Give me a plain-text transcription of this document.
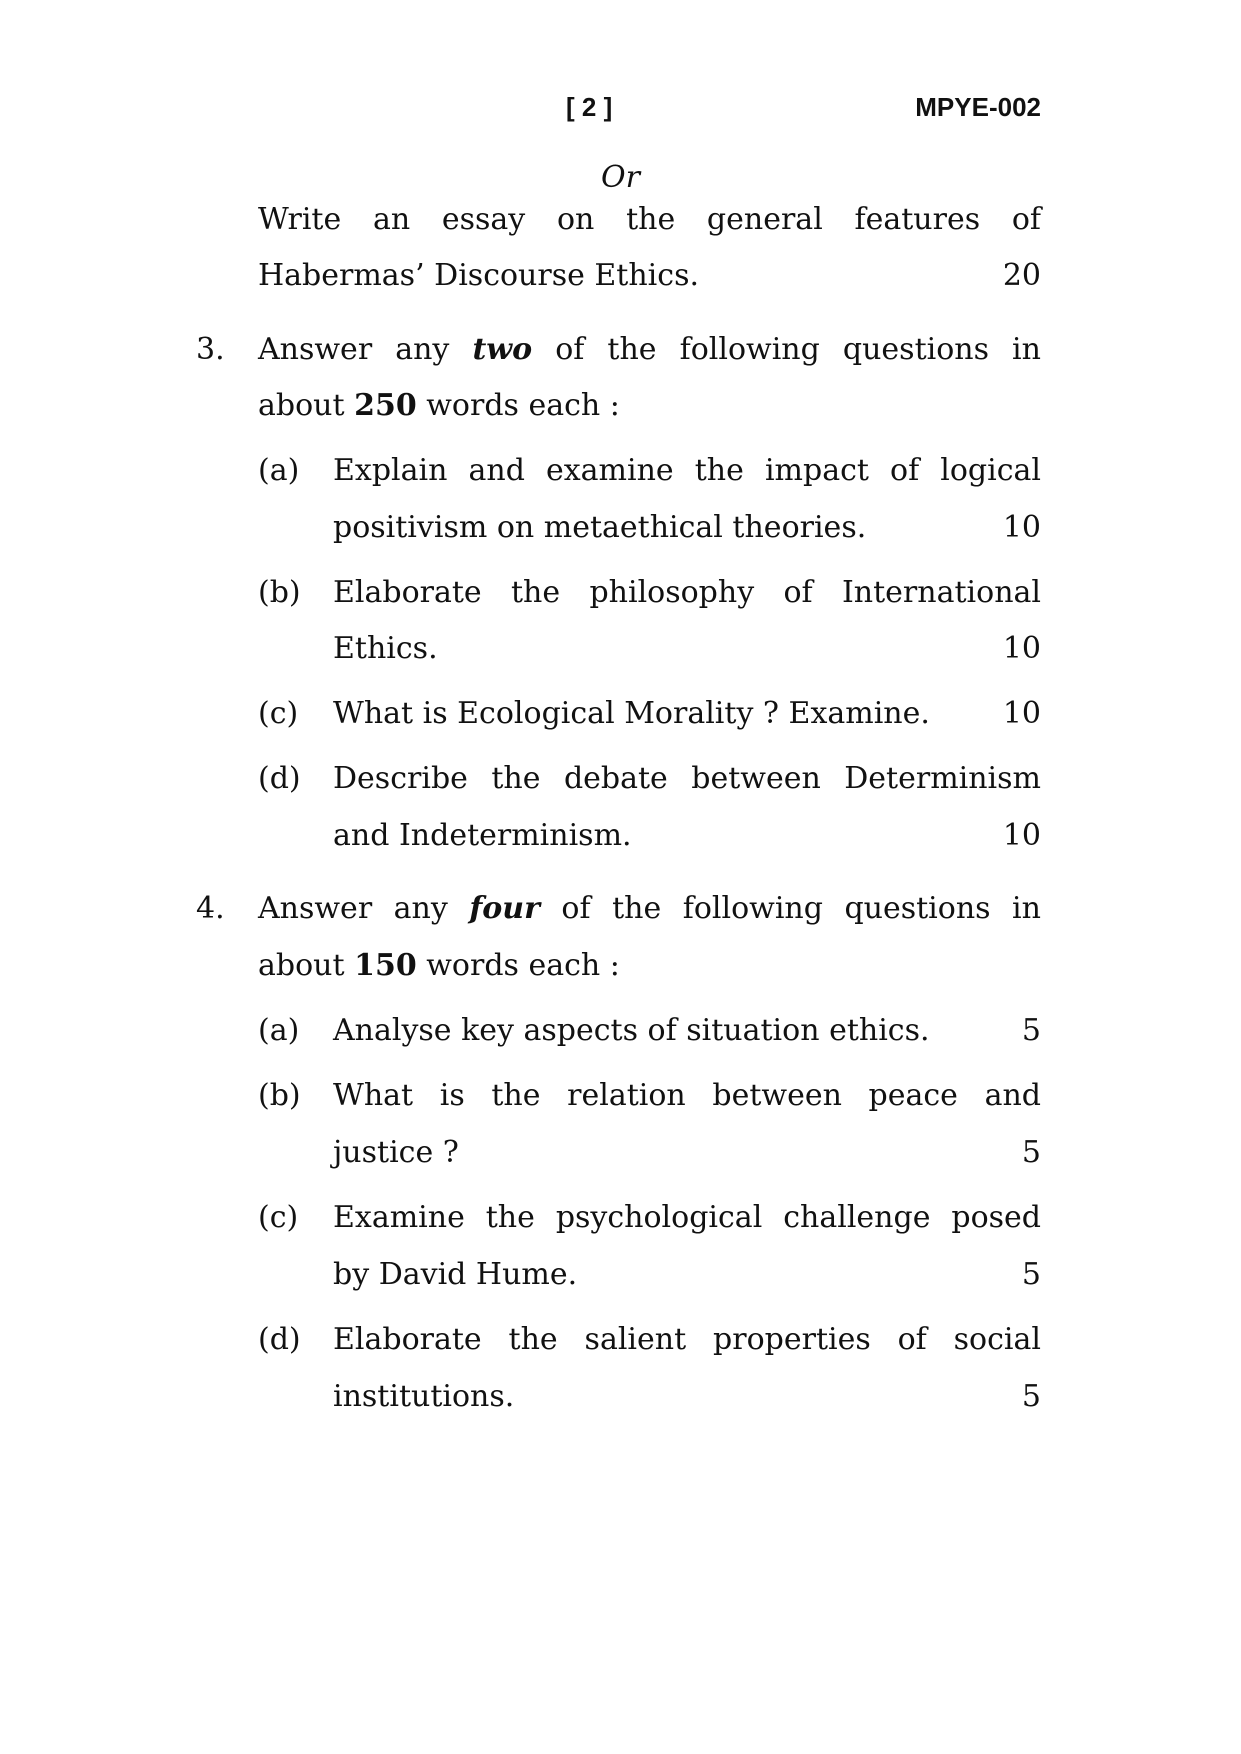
[ 2 ]	MPYE-002
Or
Write an essay on the general features of
Habermas’ Discourse Ethics.	20
3. Answer any two of the following questions in
about 250 words each :
(a) Explain and examine the impact of logical
positivism on metaethical theories.	10
(b) Elaborate the philosophy of International
Ethics.	10
(c) What is Ecological Morality ? Examine. 10
(d) Describe the debate between Determinism
and Indeterminism.	10
4. Answer any four of the following questions in
about 150 words each :
(a) Analyse key aspects of situation ethics.	5
(b) What is the relation between peace and
justice ?	5
(c) Examine the psychological challenge posed
by David Hume.	5
(d) Elaborate the salient properties of social
institutions.	5
